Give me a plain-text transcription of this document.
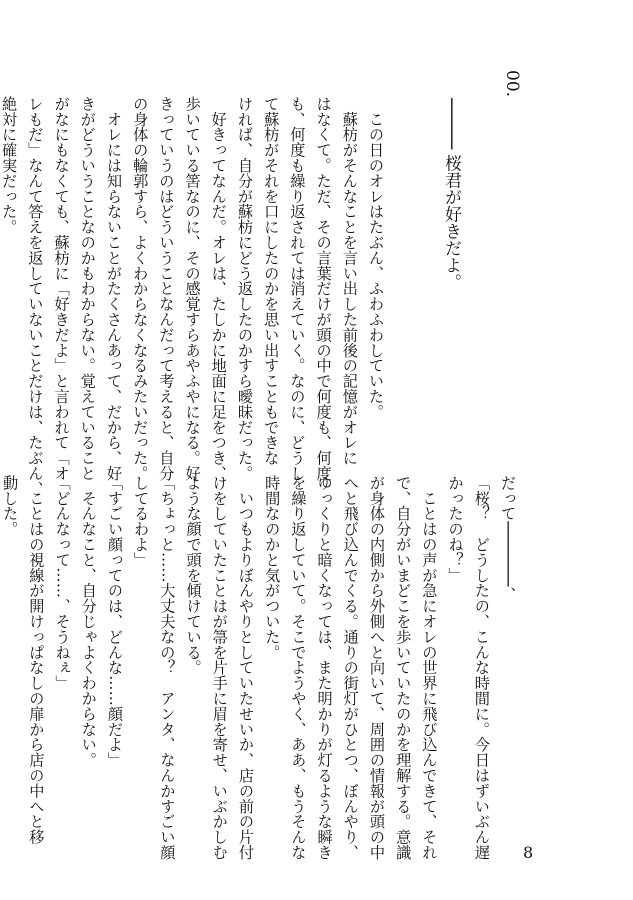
00.
───── 桜君が好きだよ。

　この日のオレはたぶん、ふわふわしていた。

　蘇枋がそんなことを言い出した前後の記憶がオレに

はなくて。ただ、その言葉だけが頭の中で何度も、何度

も、何度も繰り返されては消えていく。なのに、どうし

て蘇枋がそれを口にしたのかを思い出すこともできな

ければ、自分が蘇枋にどう返したのかすら曖昧だった。

　好きってなんだ。オレは、たしかに地面に足をつき、

歩いている筈なのに、その感覚すらあやふやになる。好

きっていうのはどういうことなんだって考えると、自分

の身体の輪郭すら、よくわからなくなるみたいだった。

　オレには知らないことがたくさんあって、だから、好

きがどういうことなのかもわからない。覚えていること

がなにもなくても、蘇枋に「好きだよ」と言われて「オ

レもだ」なんて答えを返していないことだけは、たぶん、

絶対に確実だった。

だって───────、

「桜？　どうしたの、こんな時間に。今日はずいぶん遅

かったのね？」

　ことはの声が急にオレの世界に飛び込んできて、それ

で、自分がいまどこを歩いていたのかを理解する。意識

が身体の内側から外側へと向いて、周囲の情報が頭の中

へと飛び込んでくる。通りの街灯がひとつ、ぼんやり、

ゆっくりと暗くなっては、また明かりが灯るような瞬き

を繰り返していて。そこでようやく、ああ、もうそんな

時間なのかと気がついた。

　いつもよりぼんやりとしていたせいか、店の前の片付

けをしていたことはが箒を片手に眉を寄せ、いぶかしむ

ような顔で頭を傾けている。

「ちょっと……大丈夫なの？　アンタ、なんかすごい顔

してるわよ」

「すごい顔ってのは、どんな……顔だよ」

　そんなこと、自分じゃよくわからない。

「どんなって……、そうねぇ」

　ことはの視線が開けっぱなしの扉から店の中へと移

動した。

8
